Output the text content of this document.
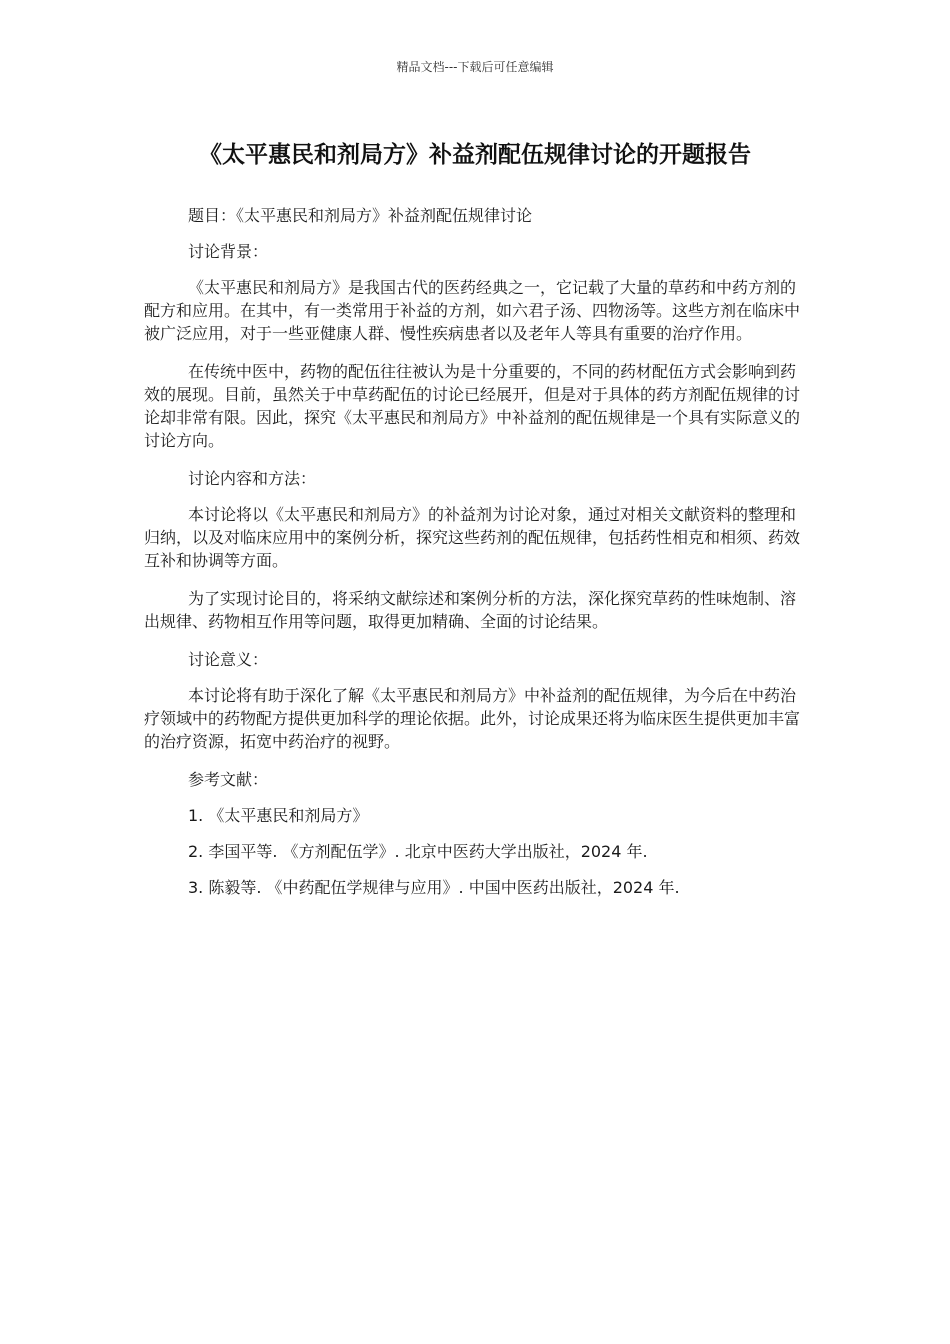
精品文档---下载后可任意编辑
《太平惠民和剂局方》补益剂配伍规律讨论的开题报告

题目：《太平惠民和剂局方》补益剂配伍规律讨论

讨论背景：

《太平惠民和剂局方》是我国古代的医药经典之一，它记载了大量的草药和中药方剂的配方和应用。在其中，有一类常用于补益的方剂，如六君子汤、四物汤等。这些方剂在临床中被广泛应用，对于一些亚健康人群、慢性疾病患者以及老年人等具有重要的治疗作用。

在传统中医中，药物的配伍往往被认为是十分重要的，不同的药材配伍方式会影响到药效的展现。目前，虽然关于中草药配伍的讨论已经展开，但是对于具体的药方剂配伍规律的讨论却非常有限。因此，探究《太平惠民和剂局方》中补益剂的配伍规律是一个具有实际意义的讨论方向。

讨论内容和方法：

本讨论将以《太平惠民和剂局方》的补益剂为讨论对象，通过对相关文献资料的整理和归纳，以及对临床应用中的案例分析，探究这些药剂的配伍规律，包括药性相克和相须、药效互补和协调等方面。

为了实现讨论目的，将采纳文献综述和案例分析的方法，深化探究草药的性味炮制、溶出规律、药物相互作用等问题，取得更加精确、全面的讨论结果。

讨论意义：

本讨论将有助于深化了解《太平惠民和剂局方》中补益剂的配伍规律，为今后在中药治疗领域中的药物配方提供更加科学的理论依据。此外，讨论成果还将为临床医生提供更加丰富的治疗资源，拓宽中药治疗的视野。

参考文献：

1. 《太平惠民和剂局方》

2. 李国平等. 《方剂配伍学》. 北京中医药大学出版社，2024 年.

3. 陈毅等. 《中药配伍学规律与应用》. 中国中医药出版社，2024 年.
